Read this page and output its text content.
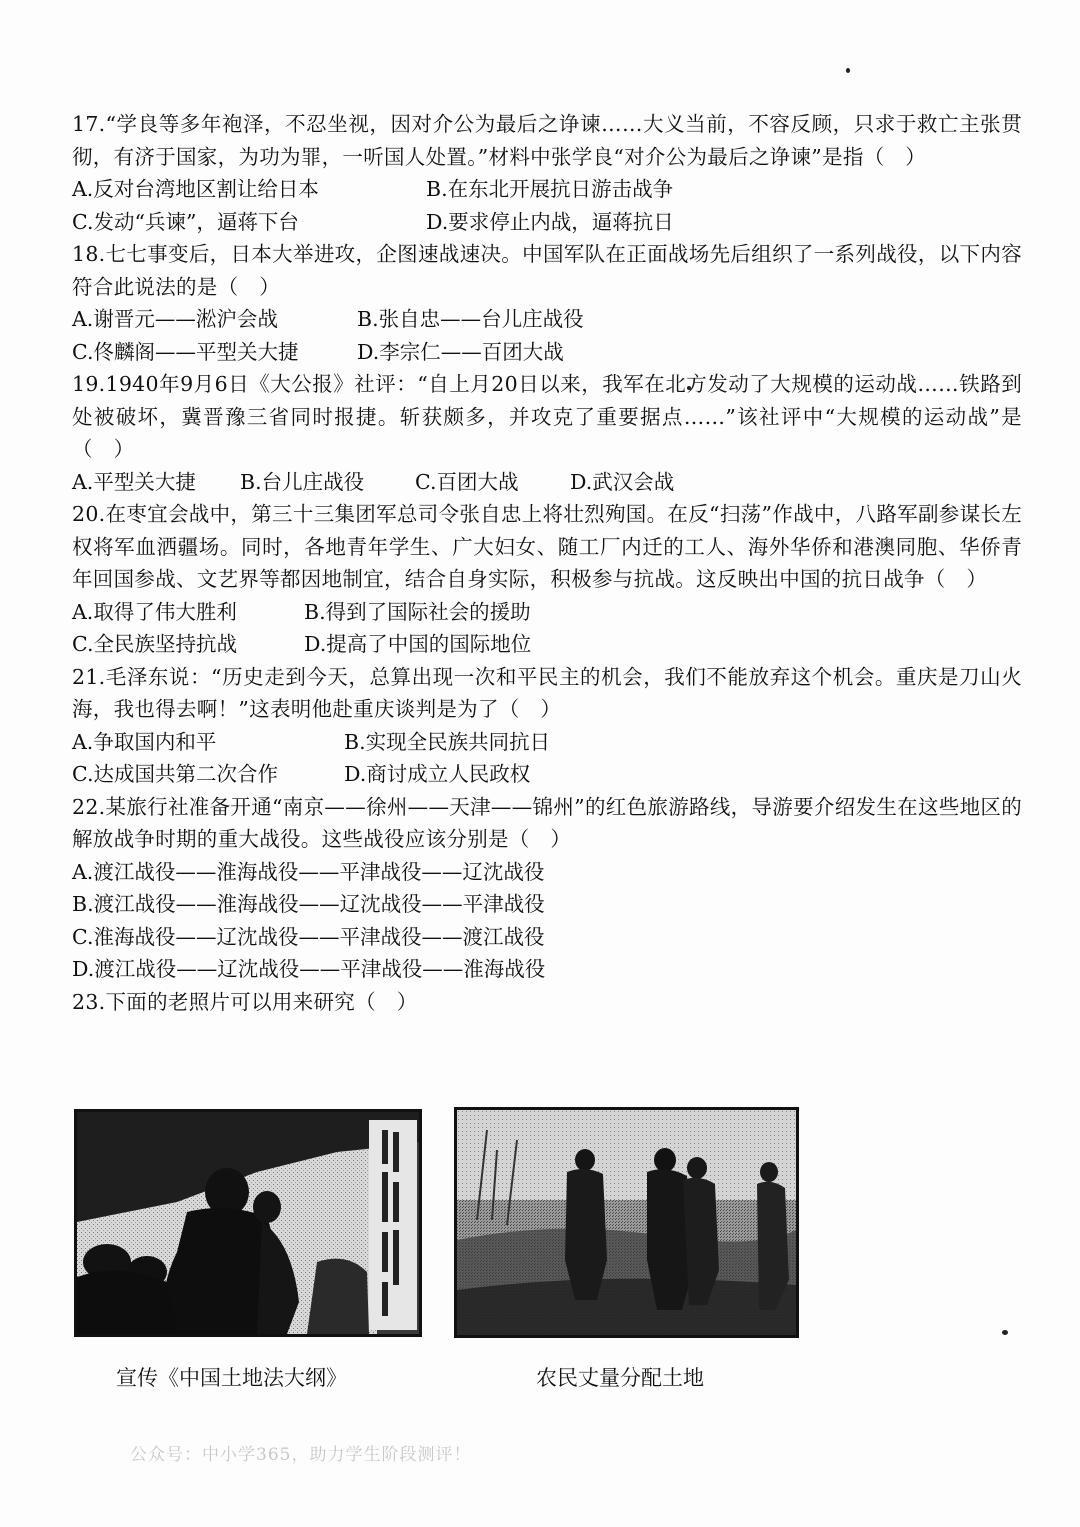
17.“学良等多年袍泽，不忍坐视，因对介公为最后之诤谏……大义当前，不容反顾，只求于救亡主张贯彻，有济于国家，为功为罪，一听国人处置。”材料中张学良“对介公为最后之诤谏”是指（　）

A.反对台湾地区割让给日本	B.在东北开展抗日游击战争
C.发动“兵谏”，逼蒋下台	D.要求停止内战，逼蒋抗日

18.七七事变后，日本大举进攻，企图速战速决。中国军队在正面战场先后组织了一系列战役，以下内容符合此说法的是（　）

A.谢晋元——淞沪会战	B.张自忠——台儿庄战役
C.佟麟阁——平型关大捷	D.李宗仁——百团大战

19.1940年9月6日《大公报》社评：“自上月20日以来，我军在北方发动了大规模的运动战……铁路到处被破坏，冀晋豫三省同时报捷。斩获颇多，并攻克了重要据点……”该社评中“大规模的运动战”是（　）

A.平型关大捷	B.台儿庄战役	C.百团大战	D.武汉会战

20.在枣宜会战中，第三十三集团军总司令张自忠上将壮烈殉国。在反“扫荡”作战中，八路军副参谋长左权将军血洒疆场。同时，各地青年学生、广大妇女、随工厂内迁的工人、海外华侨和港澳同胞、华侨青年回国参战、文艺界等都因地制宜，结合自身实际，积极参与抗战。这反映出中国的抗日战争（　）

A.取得了伟大胜利	B.得到了国际社会的援助
C.全民族坚持抗战	D.提高了中国的国际地位

21.毛泽东说：“历史走到今天，总算出现一次和平民主的机会，我们不能放弃这个机会。重庆是刀山火海，我也得去啊！”这表明他赴重庆谈判是为了（　）

A.争取国内和平	B.实现全民族共同抗日
C.达成国共第二次合作	D.商讨成立人民政权

22.某旅行社准备开通“南京——徐州——天津——锦州”的红色旅游路线，导游要介绍发生在这些地区的解放战争时期的重大战役。这些战役应该分别是（　）

A.渡江战役——淮海战役——平津战役——辽沈战役
B.渡江战役——淮海战役——辽沈战役——平津战役
C.淮海战役——辽沈战役——平津战役——渡江战役
D.渡江战役——辽沈战役——平津战役——淮海战役

23.下面的老照片可以用来研究（　）

宣传《中国土地法大纲》	农民丈量分配土地
公众号：中小学365，助力学生阶段测评！
